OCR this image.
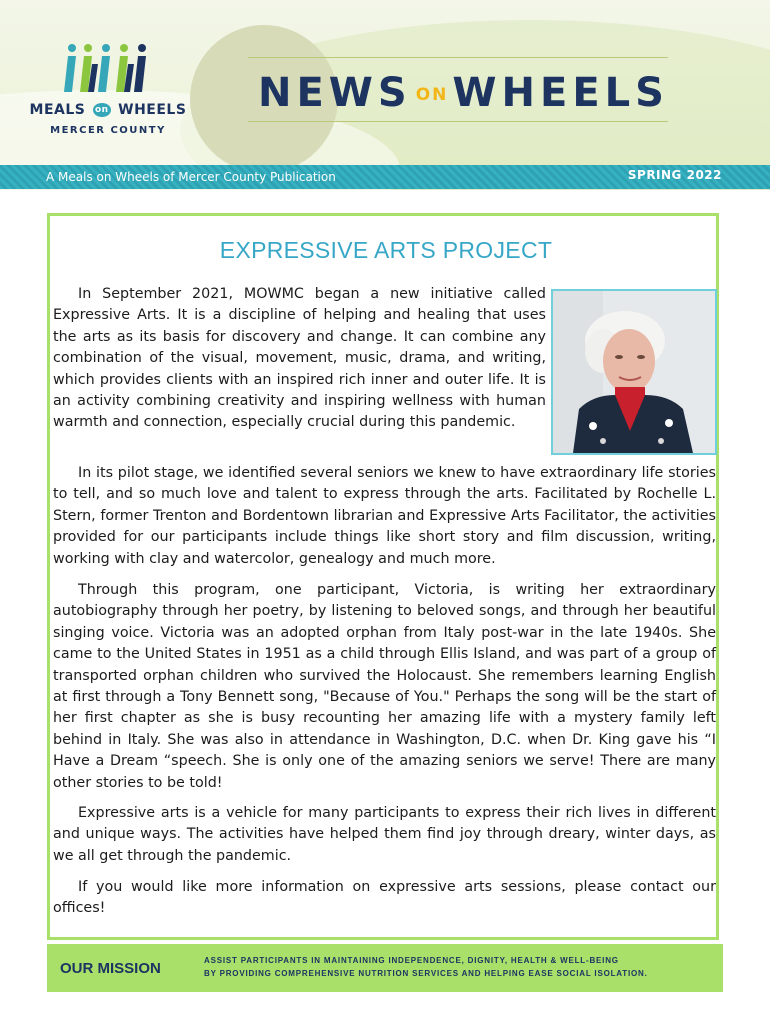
MEALS on WHEELS
MERCER COUNTY
NEWS ON WHEELS
A Meals on Wheels of Mercer County Publication	SPRING 2022
EXPRESSIVE ARTS PROJECT

In September 2021, MOWMC began a new initiative called Expressive Arts. It is a discipline of helping and healing that uses the arts as its basis for discovery and change. It can combine any combination of the visual, movement, music, drama, and writing, which provides clients with an inspired rich inner and outer life. It is an activity combining creativity and inspiring wellness with human warmth and connection, especially crucial during this pandemic.

In its pilot stage, we identified several seniors we knew to have extraordinary life stories to tell, and so much love and talent to express through the arts. Facilitated by Rochelle L. Stern, former Trenton and Bordentown librarian and Expressive Arts Facilitator, the activities provided for our participants include things like short story and film discussion, writing, working with clay and watercolor, genealogy and much more.

Through this program, one participant, Victoria, is writing her extraordinary autobiography through her poetry, by listening to beloved songs, and through her beautiful singing voice. Victoria was an adopted orphan from Italy post-war in the late 1940s. She came to the United States in 1951 as a child through Ellis Island, and was part of a group of transported orphan children who survived the Holocaust. She remembers learning English at first through a Tony Bennett song, "Because of You." Perhaps the song will be the start of her first chapter as she is busy recounting her amazing life with a mystery family left behind in Italy. She was also in attendance in Washington, D.C. when Dr. King gave his “I Have a Dream “speech. She is only one of the amazing seniors we serve! There are many other stories to be told!

Expressive arts is a vehicle for many participants to express their rich lives in different and unique ways. The activities have helped them find joy through dreary, winter days, as we all get through the pandemic.

If you would like more information on expressive arts sessions, please contact our offices!

OUR MISSION	ASSIST PARTICIPANTS IN MAINTAINING INDEPENDENCE, DIGNITY, HEALTH & WELL-BEING
BY PROVIDING COMPREHENSIVE NUTRITION SERVICES AND HELPING EASE SOCIAL ISOLATION.
